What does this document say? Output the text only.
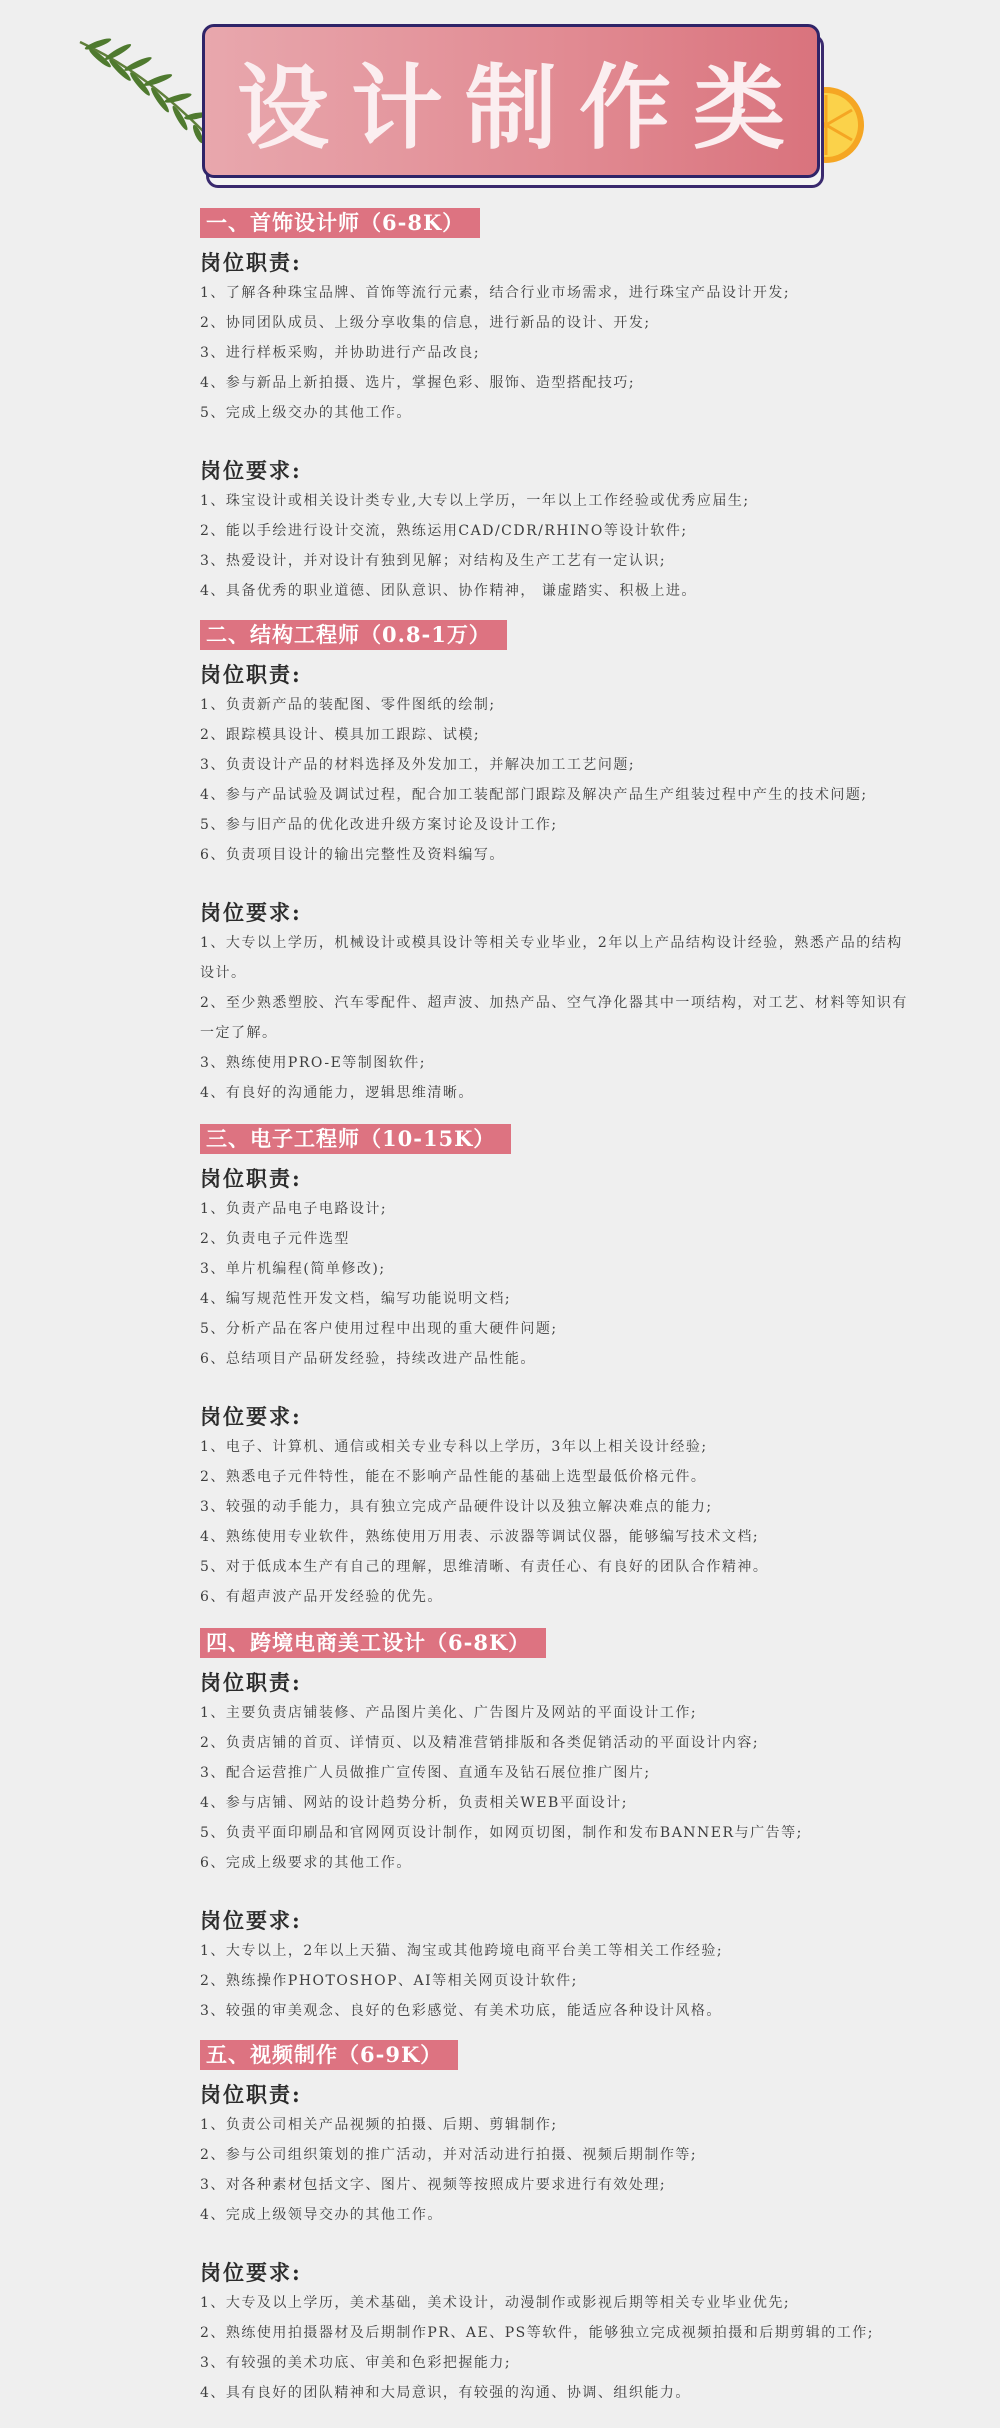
设计制作类
一、首饰设计师（6-8K）

岗位职责:

1、了解各种珠宝品牌、首饰等流行元素，结合行业市场需求，进行珠宝产品设计开发;

2、协同团队成员、上级分享收集的信息，进行新品的设计、开发;

3、进行样板采购，并协助进行产品改良;

4、参与新品上新拍摄、选片，掌握色彩、服饰、造型搭配技巧;

5、完成上级交办的其他工作。

岗位要求:

1、珠宝设计或相关设计类专业,大专以上学历，一年以上工作经验或优秀应届生;

2、能以手绘进行设计交流，熟练运用CAD/CDR/RHINO等设计软件;

3、热爱设计，并对设计有独到见解；对结构及生产工艺有一定认识;

4、具备优秀的职业道德、团队意识、协作精神， 谦虚踏实、积极上进。

二、结构工程师（0.8-1万）

岗位职责:

1、负责新产品的装配图、零件图纸的绘制;

2、跟踪模具设计、模具加工跟踪、试模;

3、负责设计产品的材料选择及外发加工，并解决加工工艺问题;

4、参与产品试验及调试过程，配合加工装配部门跟踪及解决产品生产组装过程中产生的技术问题;

5、参与旧产品的优化改进升级方案讨论及设计工作;

6、负责项目设计的输出完整性及资料编写。

岗位要求:

1、大专以上学历，机械设计或模具设计等相关专业毕业，2年以上产品结构设计经验，熟悉产品的结构

设计。

2、至少熟悉塑胶、汽车零配件、超声波、加热产品、空气净化器其中一项结构，对工艺、材料等知识有

一定了解。

3、熟练使用PRO-E等制图软件;

4、有良好的沟通能力，逻辑思维清晰。

三、电子工程师（10-15K）

岗位职责:

1、负责产品电子电路设计;

2、负责电子元件选型

3、单片机编程(简单修改);

4、编写规范性开发文档，编写功能说明文档;

5、分析产品在客户使用过程中出现的重大硬件问题;

6、总结项目产品研发经验，持续改进产品性能。

岗位要求:

1、电子、计算机、通信或相关专业专科以上学历，3年以上相关设计经验;

2、熟悉电子元件特性，能在不影响产品性能的基础上选型最低价格元件。

3、较强的动手能力，具有独立完成产品硬件设计以及独立解决难点的能力;

4、熟练使用专业软件，熟练使用万用表、示波器等调试仪器，能够编写技术文档;

5、对于低成本生产有自己的理解，思维清晰、有责任心、有良好的团队合作精神。

6、有超声波产品开发经验的优先。

四、跨境电商美工设计（6-8K）

岗位职责:

1、主要负责店铺装修、产品图片美化、广告图片及网站的平面设计工作;

2、负责店铺的首页、详情页、以及精准营销排版和各类促销活动的平面设计内容;

3、配合运营推广人员做推广宣传图、直通车及钻石展位推广图片;

4、参与店铺、网站的设计趋势分析，负责相关WEB平面设计;

5、负责平面印刷品和官网网页设计制作，如网页切图，制作和发布BANNER与广告等;

6、完成上级要求的其他工作。

岗位要求:

1、大专以上，2年以上天猫、淘宝或其他跨境电商平台美工等相关工作经验;

2、熟练操作PHOTOSHOP、AI等相关网页设计软件;

3、较强的审美观念、良好的色彩感觉、有美术功底，能适应各种设计风格。

五、视频制作（6-9K）

岗位职责:

1、负责公司相关产品视频的拍摄、后期、剪辑制作;

2、参与公司组织策划的推广活动，并对活动进行拍摄、视频后期制作等;

3、对各种素材包括文字、图片、视频等按照成片要求进行有效处理;

4、完成上级领导交办的其他工作。

岗位要求:

1、大专及以上学历，美术基础，美术设计，动漫制作或影视后期等相关专业毕业优先;

2、熟练使用拍摄器材及后期制作PR、AE、PS等软件，能够独立完成视频拍摄和后期剪辑的工作;

3、有较强的美术功底、审美和色彩把握能力;

4、具有良好的团队精神和大局意识，有较强的沟通、协调、组织能力。
